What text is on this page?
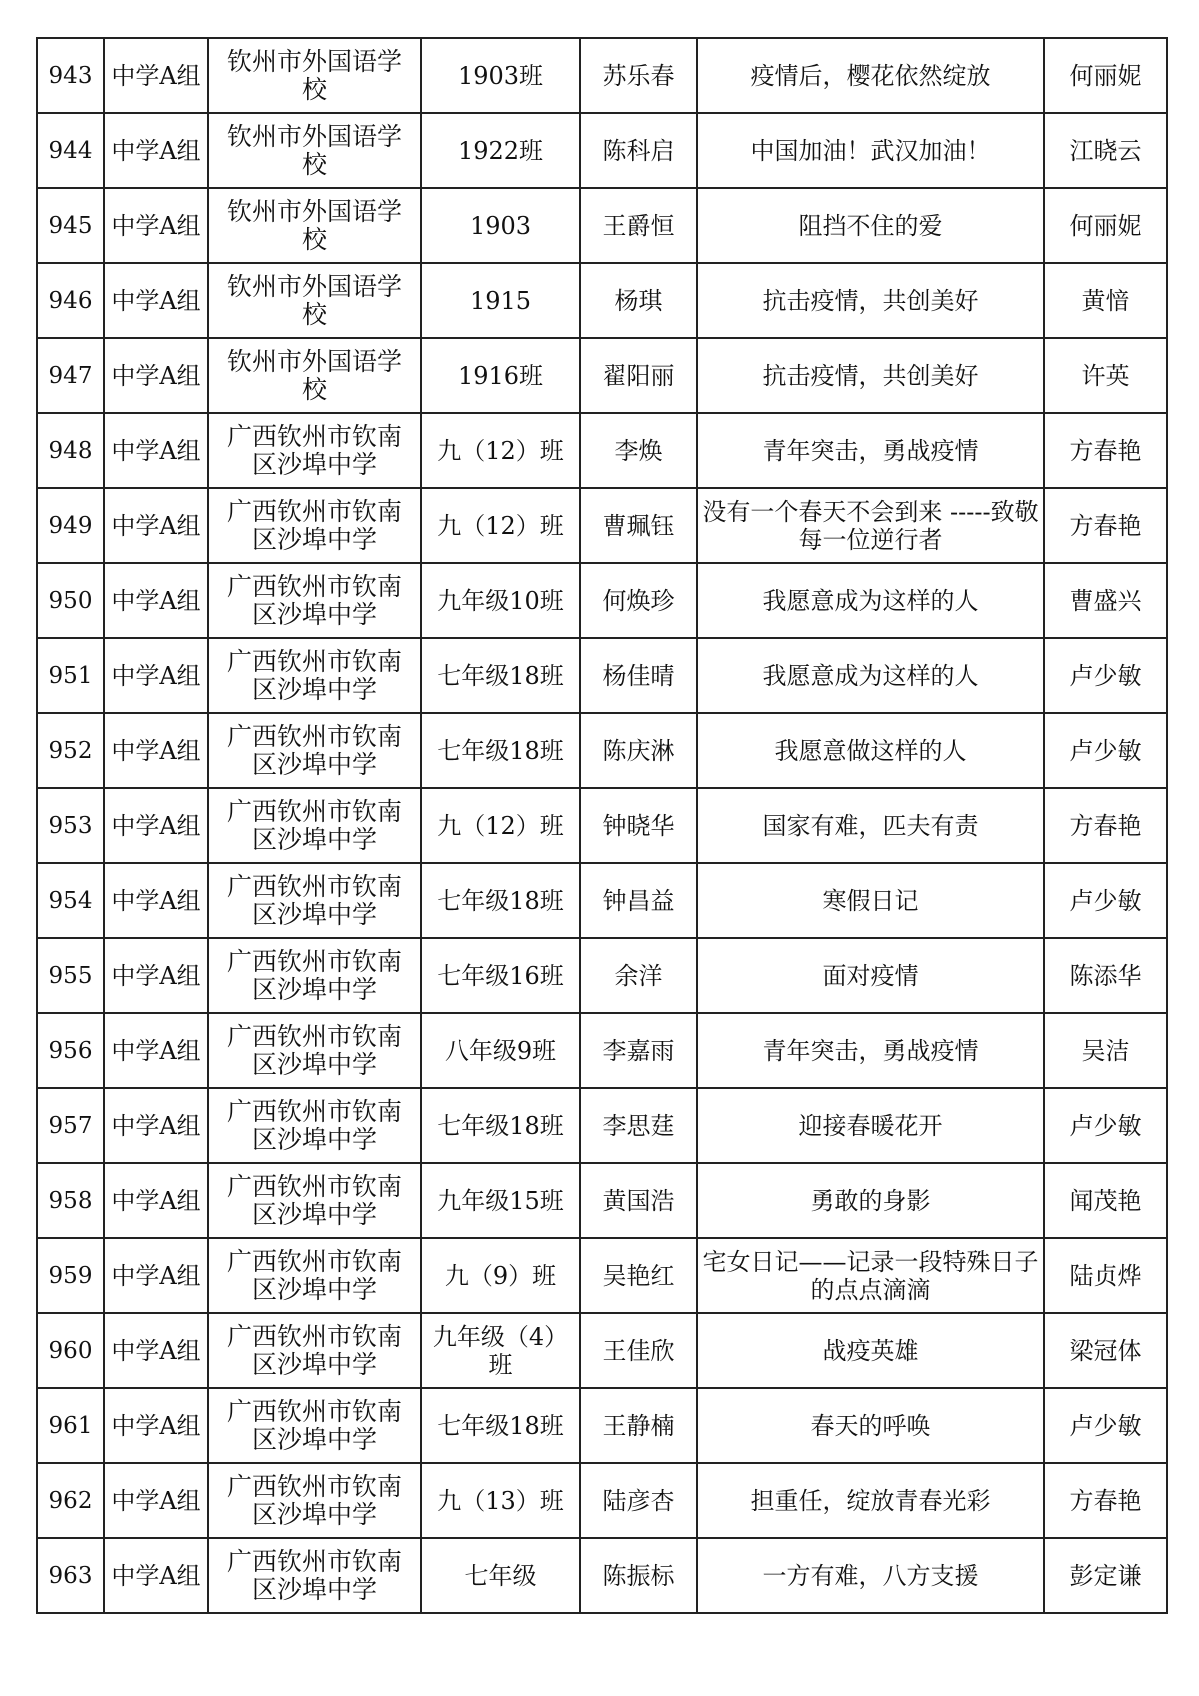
943	中学A组	钦州市外国语学校	1903班	苏乐春	疫情后，樱花依然绽放	何丽妮
944	中学A组	钦州市外国语学校	1922班	陈科启	中国加油！武汉加油！	江晓云
945	中学A组	钦州市外国语学校	1903	王爵恒	阻挡不住的爱	何丽妮
946	中学A组	钦州市外国语学校	1915	杨琪	抗击疫情，共创美好	黄愔
947	中学A组	钦州市外国语学校	1916班	翟阳丽	抗击疫情，共创美好	许英
948	中学A组	广西钦州市钦南区沙埠中学	九（12）班	李焕	青年突击，勇战疫情	方春艳
949	中学A组	广西钦州市钦南区沙埠中学	九（12）班	曹珮钰	没有一个春天不会到来 -----致敬每一位逆行者	方春艳
950	中学A组	广西钦州市钦南区沙埠中学	九年级10班	何焕珍	我愿意成为这样的人	曹盛兴
951	中学A组	广西钦州市钦南区沙埠中学	七年级18班	杨佳晴	我愿意成为这样的人	卢少敏
952	中学A组	广西钦州市钦南区沙埠中学	七年级18班	陈庆淋	我愿意做这样的人	卢少敏
953	中学A组	广西钦州市钦南区沙埠中学	九（12）班	钟晓华	国家有难，匹夫有责	方春艳
954	中学A组	广西钦州市钦南区沙埠中学	七年级18班	钟昌益	寒假日记	卢少敏
955	中学A组	广西钦州市钦南区沙埠中学	七年级16班	余洋	面对疫情	陈添华
956	中学A组	广西钦州市钦南区沙埠中学	八年级9班	李嘉雨	青年突击，勇战疫情	吴洁
957	中学A组	广西钦州市钦南区沙埠中学	七年级18班	李思莛	迎接春暖花开	卢少敏
958	中学A组	广西钦州市钦南区沙埠中学	九年级15班	黄国浩	勇敢的身影	闻茂艳
959	中学A组	广西钦州市钦南区沙埠中学	九（9）班	吴艳红	宅女日记——记录一段特殊日子的点点滴滴	陆贞烨
960	中学A组	广西钦州市钦南区沙埠中学	九年级（4）班	王佳欣	战疫英雄	梁冠体
961	中学A组	广西钦州市钦南区沙埠中学	七年级18班	王静楠	春天的呼唤	卢少敏
962	中学A组	广西钦州市钦南区沙埠中学	九（13）班	陆彦杏	担重任，绽放青春光彩	方春艳
963	中学A组	广西钦州市钦南区沙埠中学	七年级	陈振标	一方有难，八方支援	彭定谦
